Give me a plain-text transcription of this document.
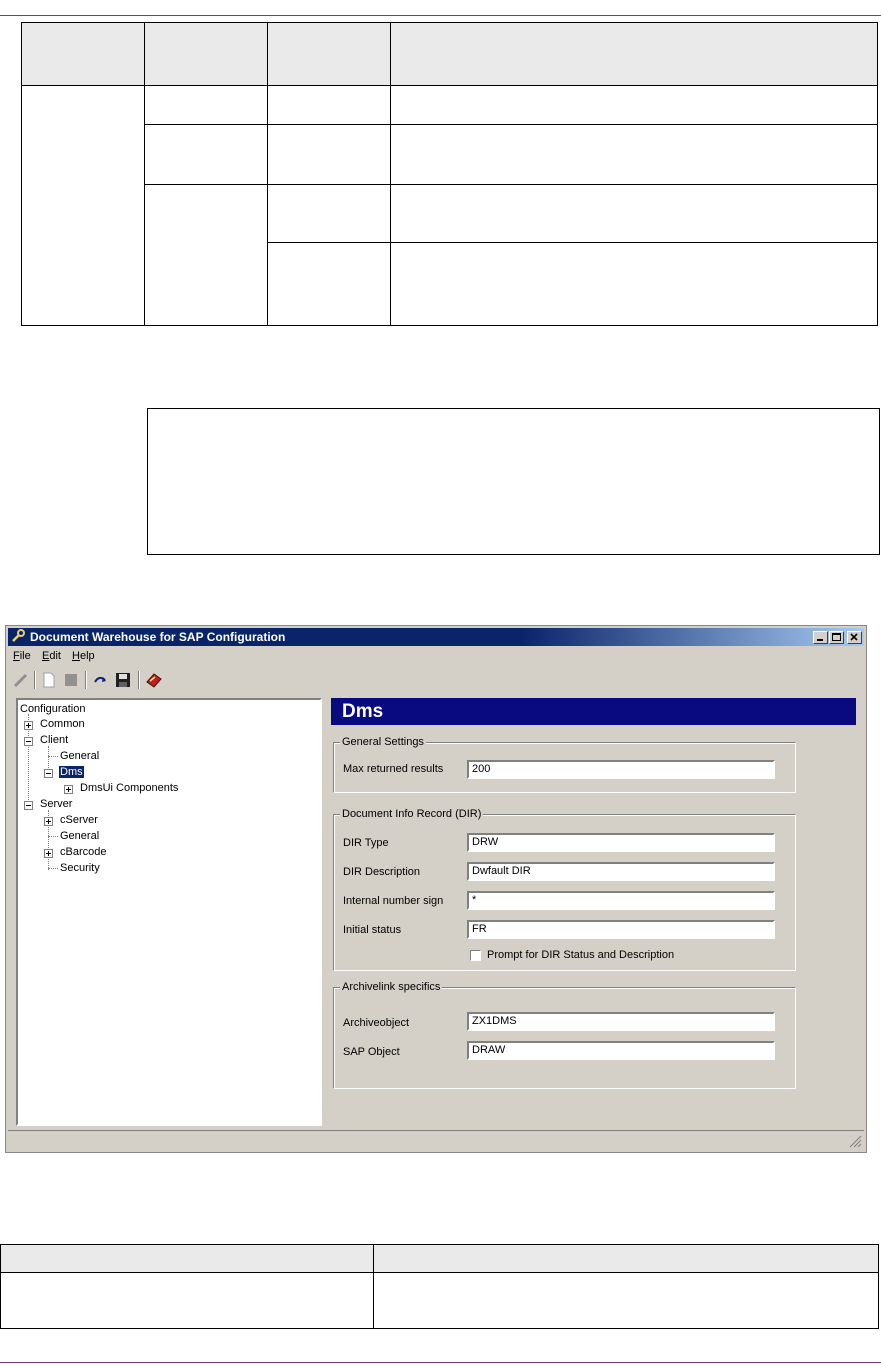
Document Warehouse for SAP Configuration
File Edit Help
Configuration
Common
Client
General
Dms
DmsUi Components
Server
cServer
General
cBarcode
Security
Dms
General Settings
Max returned results	200
Document Info Record (DIR)
DIR Type	DRW
DIR Description	Dwfault DIR
Internal number sign	*
Initial status	FR
Prompt for DIR Status and Description
Archivelink specifics
Archiveobject	ZX1DMS
SAP Object	DRAW
